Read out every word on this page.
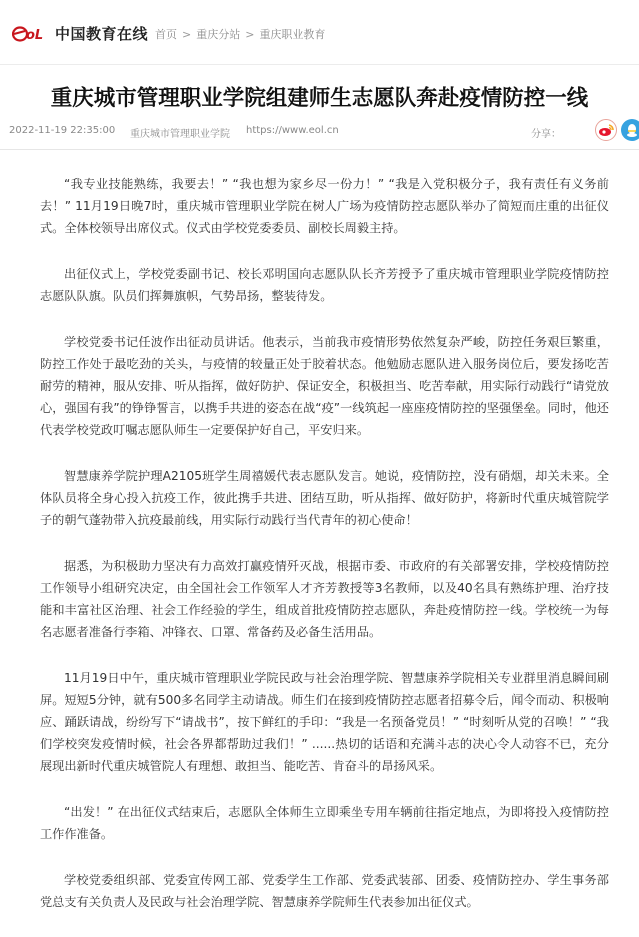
oL 中国教育在线 首页 > 重庆分站 > 重庆职业教育
重庆城市管理职业学院组建师生志愿队奔赴疫情防控一线
2022-11-19 22:35:00 重庆城市管理职业学院 https://www.eol.cn	分享：

“我专业技能熟练，我要去！” “我也想为家乡尽一份力！” “我是入党积极分子，我有责任有义务前去！” 11月19日晚7时，重庆城市管理职业学院在树人广场为疫情防控志愿队举办了简短而庄重的出征仪式。全体校领导出席仪式。仪式由学校党委委员、副校长周毅主持。

出征仪式上，学校党委副书记、校长邓明国向志愿队队长齐芳授予了重庆城市管理职业学院疫情防控志愿队队旗。队员们挥舞旗帜，气势昂扬，整装待发。

学校党委书记任波作出征动员讲话。他表示，当前我市疫情形势依然复杂严峻，防控任务艰巨繁重，防控工作处于最吃劲的关头，与疫情的较量正处于胶着状态。他勉励志愿队进入服务岗位后，要发扬吃苦耐劳的精神，服从安排、听从指挥，做好防护、保证安全，积极担当、吃苦奉献，用实际行动践行“请党放心，强国有我”的铮铮誓言，以携手共进的姿态在战“疫”一线筑起一座座疫情防控的坚强堡垒。同时，他还代表学校党政叮嘱志愿队师生一定要保护好自己，平安归来。

智慧康养学院护理A2105班学生周禧媛代表志愿队发言。她说，疫情防控，没有硝烟，却关未来。全体队员将全身心投入抗疫工作，彼此携手共进、团结互助，听从指挥、做好防护，将新时代重庆城管院学子的朝气蓬勃带入抗疫最前线，用实际行动践行当代青年的初心使命！

据悉，为积极助力坚决有力高效打赢疫情歼灭战，根据市委、市政府的有关部署安排，学校疫情防控工作领导小组研究决定，由全国社会工作领军人才齐芳教授等3名教师，以及40名具有熟练护理、治疗技能和丰富社区治理、社会工作经验的学生，组成首批疫情防控志愿队，奔赴疫情防控一线。学校统一为每名志愿者准备行李箱、冲锋衣、口罩、常备药及必备生活用品。

11月19日中午，重庆城市管理职业学院民政与社会治理学院、智慧康养学院相关专业群里消息瞬间刷屏。短短5分钟，就有500多名同学主动请战。师生们在接到疫情防控志愿者招募令后，闻令而动、积极响应、踊跃请战，纷纷写下“请战书”，按下鲜红的手印：“我是一名预备党员！” “时刻听从党的召唤！” “我们学校突发疫情时候，社会各界都帮助过我们！” ......热切的话语和充满斗志的决心令人动容不已，充分展现出新时代重庆城管院人有理想、敢担当、能吃苦、肯奋斗的昂扬风采。

“出发！” 在出征仪式结束后，志愿队全体师生立即乘坐专用车辆前往指定地点，为即将投入疫情防控工作作准备。

学校党委组织部、党委宣传网工部、党委学生工作部、党委武装部、团委、疫情防控办、学生事务部党总支有关负责人及民政与社会治理学院、智慧康养学院师生代表参加出征仪式。
